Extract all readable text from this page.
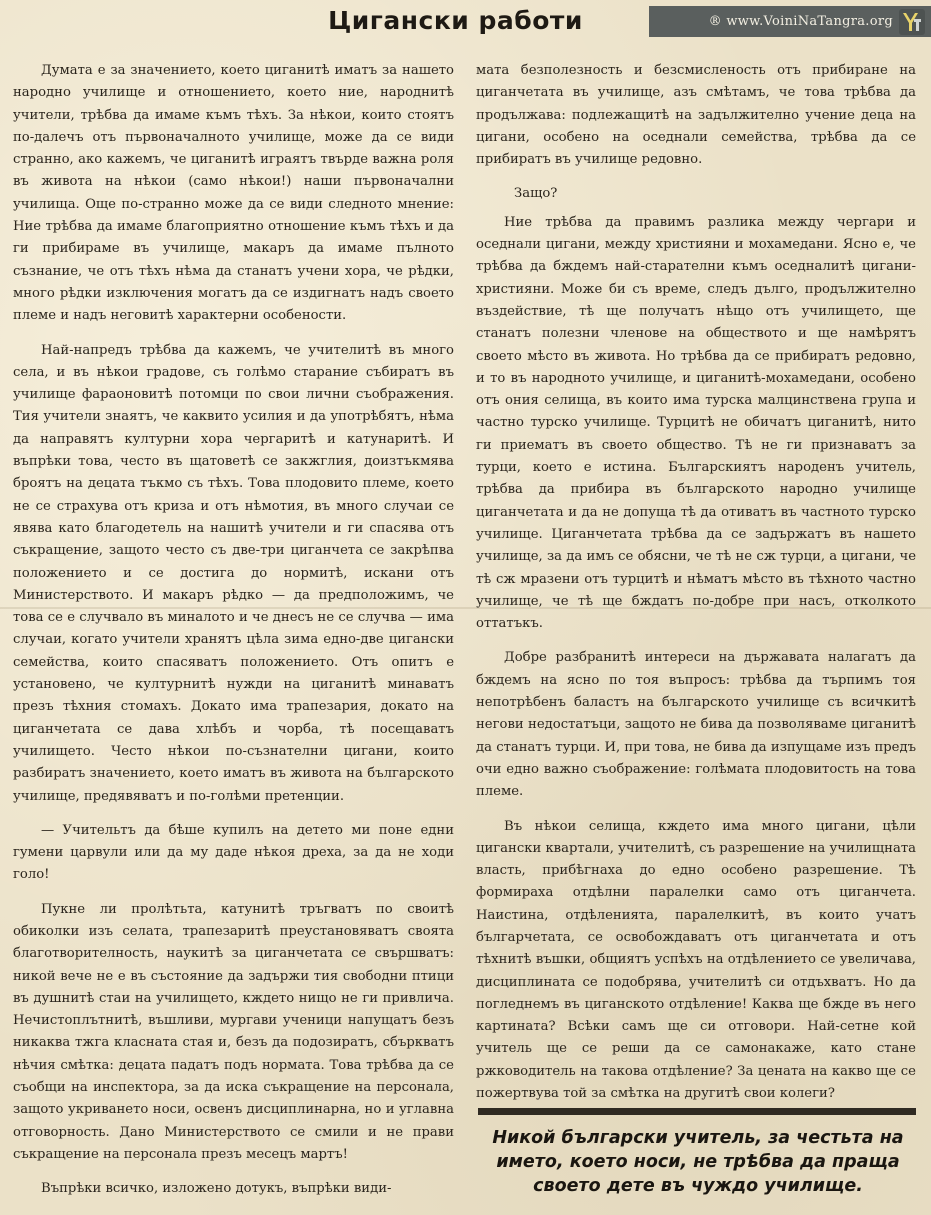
Цигански работи	® www.VoiniNaTangra.org

Думата е за значението, което циганитѣ иматъ за нашето народно училище и отношението, което ние, народнитѣ учители, трѣбва да имаме къмъ тѣхъ. За нѣкои, които стоятъ по-далечъ отъ първоначалното училище, може да се види странно, ако кажемъ, че циганитѣ играятъ твърде важна роля въ живота на нѣкои (само нѣкои!) наши първоначални училища. Още по-странно може да се види следното мнение: Ние трѣбва да имаме благоприятно отношение къмъ тѣхъ и да ги прибираме въ училище, макаръ да имаме пълното съзнание, че отъ тѣхъ нѣма да станатъ учени хора, че рѣдки, много рѣдки изключения могатъ да се издигнатъ надъ своето племе и надъ неговитѣ характерни особености.

Най-напредъ трѣбва да кажемъ, че учителитѣ въ много села, и въ нѣкои градове, съ голѣмо старание събиратъ въ училище фараоновитѣ потомци по свои лични съображения. Тия учители знаятъ, че каквито усилия и да употрѣбятъ, нѣма да направятъ културни хора чергаритѣ и катунаритѣ. И въпрѣки това, често въ щатоветѣ се закжглия, доизтъкмява броятъ на децата тъкмо съ тѣхъ. Това плодовито племе, което не се страхува отъ криза и отъ нѣмотия, въ много случаи се явява като благодетель на нашитѣ учители и ги спасява отъ съкращение, защото често съ две-три циганчета се закрѣпва положението и се достига до нормитѣ, искани отъ Министерството. И макаръ рѣдко — да предположимъ, че това се е случвало въ миналото и че днесъ не се случва — има случаи, когато учители хранятъ цѣла зима едно-две цигански семейства, които спасяватъ положението. Отъ опитъ е установено, че културнитѣ нужди на циганитѣ минаватъ презъ тѣхния стомахъ. Докато има трапезария, докато на циганчетата се дава хлѣбъ и чорба, тѣ посещаватъ училището. Често нѣкои по-съзнателни цигани, които разбиратъ значението, което иматъ въ живота на българското училище, предявяватъ и по-голѣми претенции.

— Учительтъ да бѣше купилъ на детето ми поне едни гумени царвули или да му даде нѣкоя дреха, за да не ходи голо!

Пукне ли пролѣтьта, катунитѣ тръгватъ по своитѣ обиколки изъ селата, трапезаритѣ преустановяватъ своята благотворителность, наукитѣ за циганчетата се свършватъ: никой вече не е въ състояние да задържи тия свободни птици въ душнитѣ стаи на училището, кждето нищо не ги привлича. Нечистоплътнитѣ, въшливи, мургави ученици напущатъ безъ никаква тжга класната стая и, безъ да подозиратъ, сбъркватъ нѣчия смѣтка: децата падатъ подъ нормата. Това трѣбва да се съобщи на инспектора, за да иска съкращение на персонала, защото укриването носи, освенъ дисциплинарна, но и углавна отговорность. Дано Министерството се смили и не прави съкращение на персонала презъ месецъ мартъ!

Въпрѣки всичко, изложено дотукъ, въпрѣки види-

мата безполезность и безсмисленость отъ прибиране на циганчетата въ училище, азъ смѣтамъ, че това трѣбва да продължава: подлежащитѣ на задължително учение деца на цигани, особено на оседнали семейства, трѣбва да се прибиратъ въ училище редовно.

Защо?

Ние трѣбва да правимъ разлика между чергари и оседнали цигани, между християни и мохамедани. Ясно е, че трѣбва да бждемъ най-старателни къмъ оседналитѣ цигани-християни. Може би съ време, следъ дълго, продължително въздействие, тѣ ще получатъ нѣщо отъ училището, ще станатъ полезни членове на обществото и ще намѣрятъ своето мѣсто въ живота. Но трѣбва да се прибиратъ редовно, и то въ народното училище, и циганитѣ-мохамедани, особено отъ ония селища, въ които има турска малцинствена група и частно турско училище. Турцитѣ не обичатъ циганитѣ, нито ги приематъ въ своето общество. Тѣ не ги признаватъ за турци, което е истина. Българскиятъ народенъ учитель, трѣбва да прибира въ българското народно училище циганчетата и да не допуща тѣ да отиватъ въ частното турско училище. Циганчетата трѣбва да се задържатъ въ нашето училище, за да имъ се обясни, че тѣ не сж турци, а цигани, че тѣ сж мразени отъ турцитѣ и нѣматъ мѣсто въ тѣхното частно училище, че тѣ ще бждатъ по-добре при насъ, отколкото оттатъкъ.

Добре разбранитѣ интереси на държавата налагатъ да бждемъ на ясно по тоя въпросъ: трѣбва да търпимъ тоя непотрѣбенъ баластъ на българското училище съ всичкитѣ негови недостатъци, защото не бива да позволяваме циганитѣ да станатъ турци. И, при това, не бива да изпущаме изъ предъ очи едно важно съображение: голѣмата плодовитость на това племе.

Въ нѣкои селища, кждето има много цигани, цѣли цигански квартали, учителитѣ, съ разрешение на училищната власть, прибѣгнаха до едно особено разрешение. Тѣ формираха отдѣлни паралелки само отъ циганчета. Наистина, отдѣленията, паралелкитѣ, въ които учатъ българчетата, се освобождаватъ отъ циганчетата и отъ тѣхнитѣ въшки, общиятъ успѣхъ на отдѣлението се увеличава, дисциплината се подобрява, учителитѣ си отдъхватъ. Но да погледнемъ въ циганското отдѣление! Каква ще бжде въ него картината? Всѣки самъ ще си отговори. Най-сетне кой учитель ще се реши да се самонакаже, като стане ржководитель на такова отдѣление? За цената на какво ще се пожертвува той за смѣтка на другитѣ свои колеги?

Никой български учитель, за честьта на името, което носи, не трѣбва да праща своето дете въ чуждо училище.
